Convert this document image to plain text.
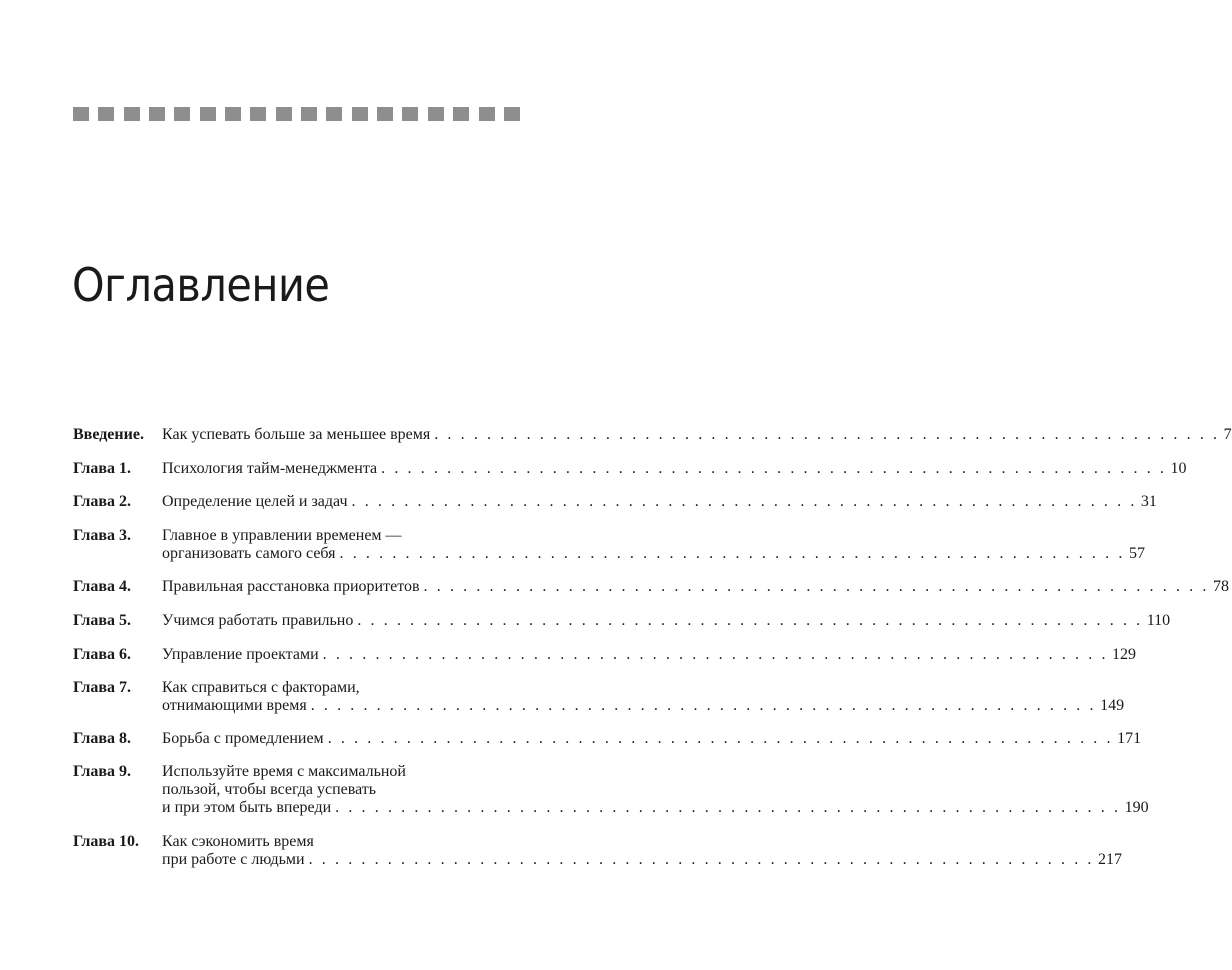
Оглавление
Введение. Как успевать больше за меньшее время . . . . . . . . . . . . . . . . . . . . . . . . . . . . . . . . . . . . . . . . . . . . . . . . . . . . . . . . . . . . 7
Глава 1. Психология тайм-менеджмента . . . . . . . . . . . . . . . . . . . . . . . . . . . . . . . . . . . . . . . . . . . . . . . . . . . . . . . . . . . . 10
Глава 2. Определение целей и задач . . . . . . . . . . . . . . . . . . . . . . . . . . . . . . . . . . . . . . . . . . . . . . . . . . . . . . . . . . . . 31
Глава 3. Главное в управлении временем —
организовать самого себя . . . . . . . . . . . . . . . . . . . . . . . . . . . . . . . . . . . . . . . . . . . . . . . . . . . . . . . . . . . . 57
Глава 4. Правильная расстановка приоритетов . . . . . . . . . . . . . . . . . . . . . . . . . . . . . . . . . . . . . . . . . . . . . . . . . . . . . . . . . . . . 78
Глава 5. Учимся работать правильно . . . . . . . . . . . . . . . . . . . . . . . . . . . . . . . . . . . . . . . . . . . . . . . . . . . . . . . . . . . . 110
Глава 6. Управление проектами . . . . . . . . . . . . . . . . . . . . . . . . . . . . . . . . . . . . . . . . . . . . . . . . . . . . . . . . . . . . 129
Глава 7. Как справиться с факторами,
отнимающими время . . . . . . . . . . . . . . . . . . . . . . . . . . . . . . . . . . . . . . . . . . . . . . . . . . . . . . . . . . . . 149
Глава 8. Борьба с промедлением . . . . . . . . . . . . . . . . . . . . . . . . . . . . . . . . . . . . . . . . . . . . . . . . . . . . . . . . . . . . 171
Глава 9. Используйте время с максимальной
пользой, чтобы всегда успевать
и при этом быть впереди . . . . . . . . . . . . . . . . . . . . . . . . . . . . . . . . . . . . . . . . . . . . . . . . . . . . . . . . . . . . 190
Глава 10. Как сэкономить время
при работе с людьми . . . . . . . . . . . . . . . . . . . . . . . . . . . . . . . . . . . . . . . . . . . . . . . . . . . . . . . . . . . . 217
